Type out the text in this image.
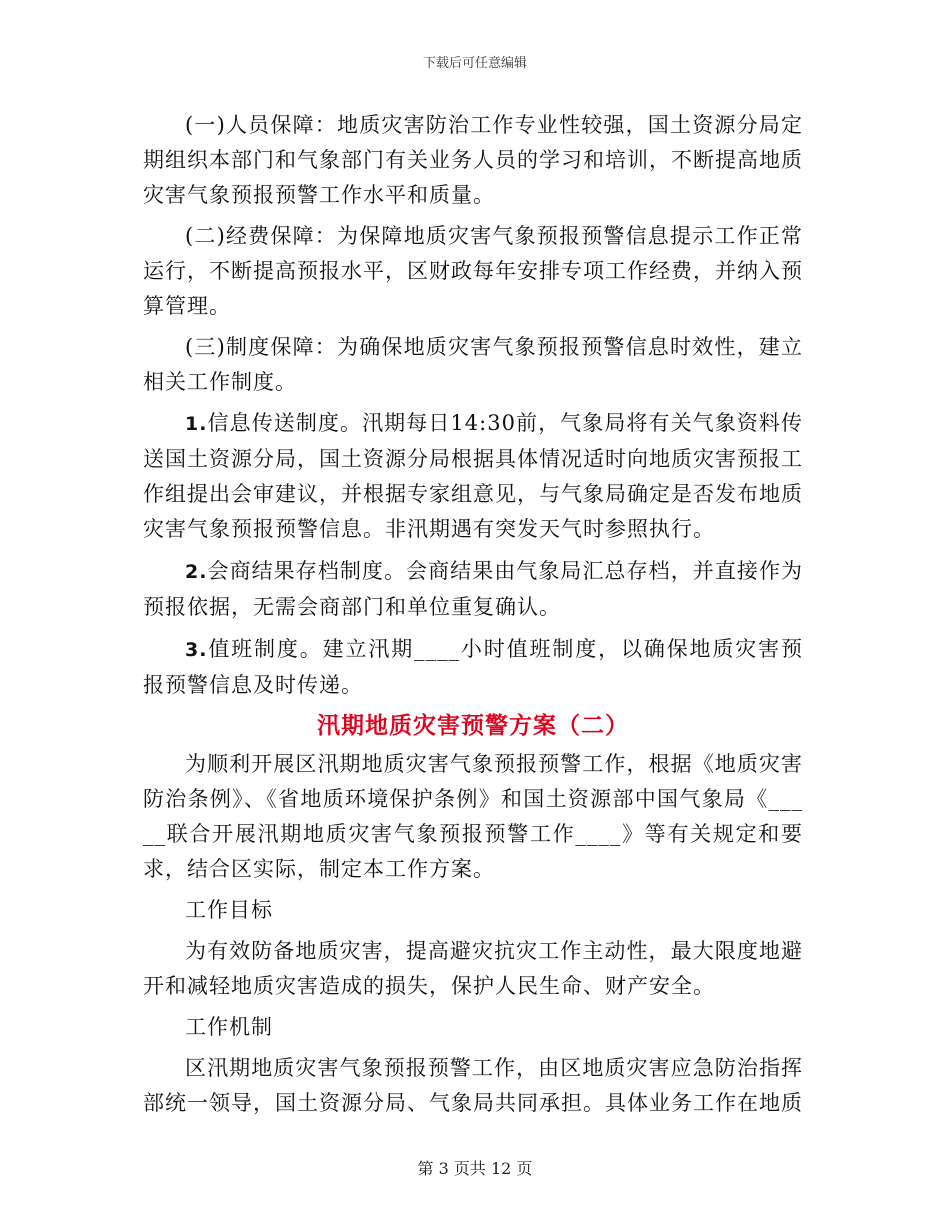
下载后可任意编辑

(一)人员保障：地质灾害防治工作专业性较强，国土资源分局定期组织本部门和气象部门有关业务人员的学习和培训，不断提高地质灾害气象预报预警工作水平和质量。

(二)经费保障：为保障地质灾害气象预报预警信息提示工作正常运行，不断提高预报水平，区财政每年安排专项工作经费，并纳入预算管理。

(三)制度保障：为确保地质灾害气象预报预警信息时效性，建立相关工作制度。

1.信息传送制度。汛期每日14:30前，气象局将有关气象资料传送国土资源分局，国土资源分局根据具体情况适时向地质灾害预报工作组提出会审建议，并根据专家组意见，与气象局确定是否发布地质灾害气象预报预警信息。非汛期遇有突发天气时参照执行。

2.会商结果存档制度。会商结果由气象局汇总存档，并直接作为预报依据，无需会商部门和单位重复确认。

3.值班制度。建立汛期____小时值班制度，以确保地质灾害预报预警信息及时传递。

汛期地质灾害预警方案（二）

为顺利开展区汛期地质灾害气象预报预警工作，根据《地质灾害防治条例》、《省地质环境保护条例》和国土资源部中国气象局《_____联合开展汛期地质灾害气象预报预警工作____》等有关规定和要求，结合区实际，制定本工作方案。

工作目标

为有效防备地质灾害，提高避灾抗灾工作主动性，最大限度地避开和减轻地质灾害造成的损失，保护人民生命、财产安全。

工作机制

区汛期地质灾害气象预报预警工作，由区地质灾害应急防治指挥部统一领导，国土资源分局、气象局共同承担。具体业务工作在地质

第 3 页共 12 页
